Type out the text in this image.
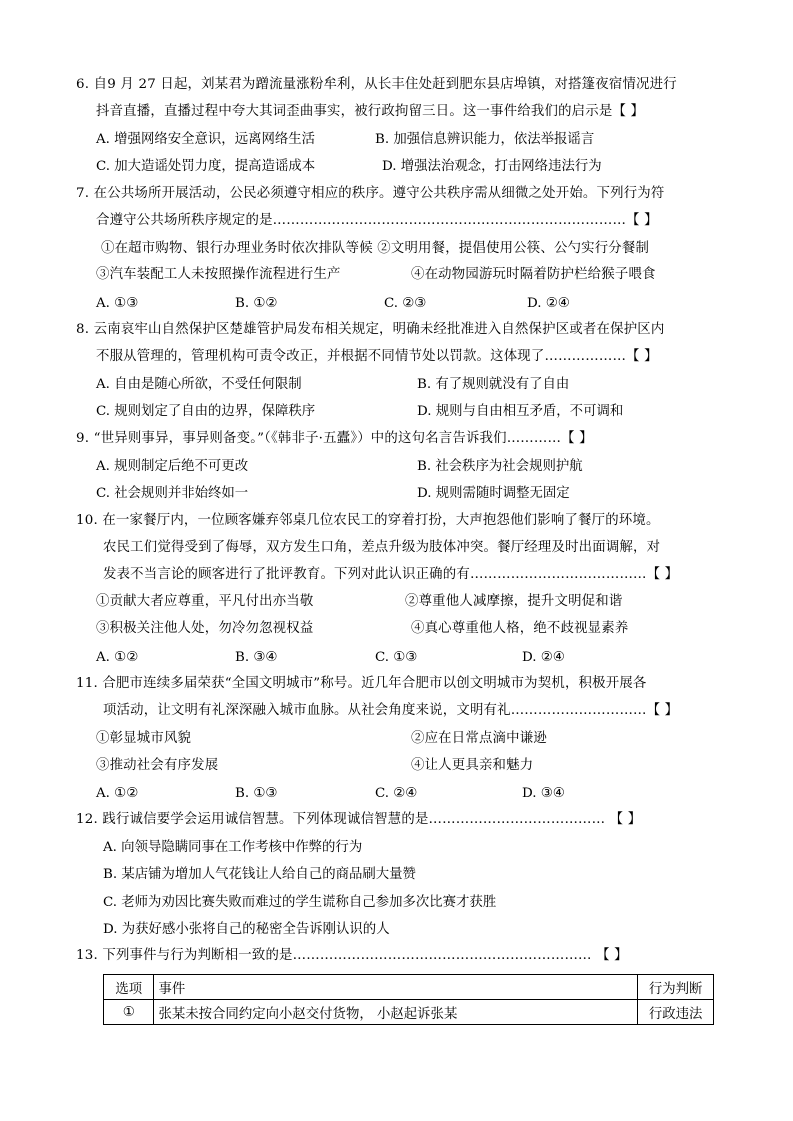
6. 自9 月 27 日起，刘某君为蹭流量涨粉牟利，从长丰住处赶到肥东县店埠镇，对搭篷夜宿情况进行
抖音直播，直播过程中夸大其词歪曲事实，被行政拘留三日。这一事件给我们的启示是【 】
A. 增强网络安全意识，远离网络生活	B. 加强信息辨识能力，依法举报谣言
C. 加大造谣处罚力度，提高造谣成本	D. 增强法治观念，打击网络违法行为
7. 在公共场所开展活动，公民必须遵守相应的秩序。遵守公共秩序需从细微之处开始。下列行为符
合遵守公共场所秩序规定的是……………………………………………………………………【 】
①在超市购物、银行办理业务时依次排队等候 ②文明用餐，提倡使用公筷、公勺实行分餐制
③汽车装配工人未按照操作流程进行生产	④在动物园游玩时隔着防护栏给猴子喂食
A. ①③	B. ①②	C. ②③	D. ②④
8. 云南哀牢山自然保护区楚雄管护局发布相关规定，明确未经批准进入自然保护区或者在保护区内
不服从管理的，管理机构可责令改正，并根据不同情节处以罚款。这体现了………………【 】
A. 自由是随心所欲，不受任何限制	B. 有了规则就没有了自由
C. 规则划定了自由的边界，保障秩序	D. 规则与自由相互矛盾，不可调和
9. “世异则事异，事异则备变。”（《韩非子·五蠹》）中的这句名言告诉我们…………【 】
A. 规则制定后绝不可更改	B. 社会秩序为社会规则护航
C. 社会规则并非始终如一	D. 规则需随时调整无固定
10. 在一家餐厅内，一位顾客嫌弃邻桌几位农民工的穿着打扮，大声抱怨他们影响了餐厅的环境。
农民工们觉得受到了侮辱，双方发生口角，差点升级为肢体冲突。餐厅经理及时出面调解，对
发表不当言论的顾客进行了批评教育。下列对此认识正确的有…………………………………【 】
①贡献大者应尊重，平凡付出亦当敬	②尊重他人减摩擦，提升文明促和谐
③积极关注他人处，勿冷勿忽视权益	④真心尊重他人格，绝不歧视显素养
A. ①②	B. ③④	C. ①③	D. ②④
11. 合肥市连续多届荣获“全国文明城市”称号。近几年合肥市以创文明城市为契机，积极开展各
项活动，让文明有礼深深融入城市血脉。从社会角度来说，文明有礼…………………………【 】
①彰显城市风貌	②应在日常点滴中谦逊
③推动社会有序发展	④让人更具亲和魅力
A. ①②	B. ①③	C. ②④	D. ③④
12. 践行诚信要学会运用诚信智慧。下列体现诚信智慧的是………………………………… 【 】
A. 向领导隐瞒同事在工作考核中作弊的行为
B. 某店铺为增加人气花钱让人给自己的商品刷大量赞
C. 老师为劝因比赛失败而难过的学生谎称自己参加多次比赛才获胜
D. 为获好感小张将自己的秘密全告诉刚认识的人
13. 下列事件与行为判断相一致的是………………………………………………………… 【 】
选项	事件	行为判断
①	张某未按合同约定向小赵交付货物， 小赵起诉张某	行政违法
